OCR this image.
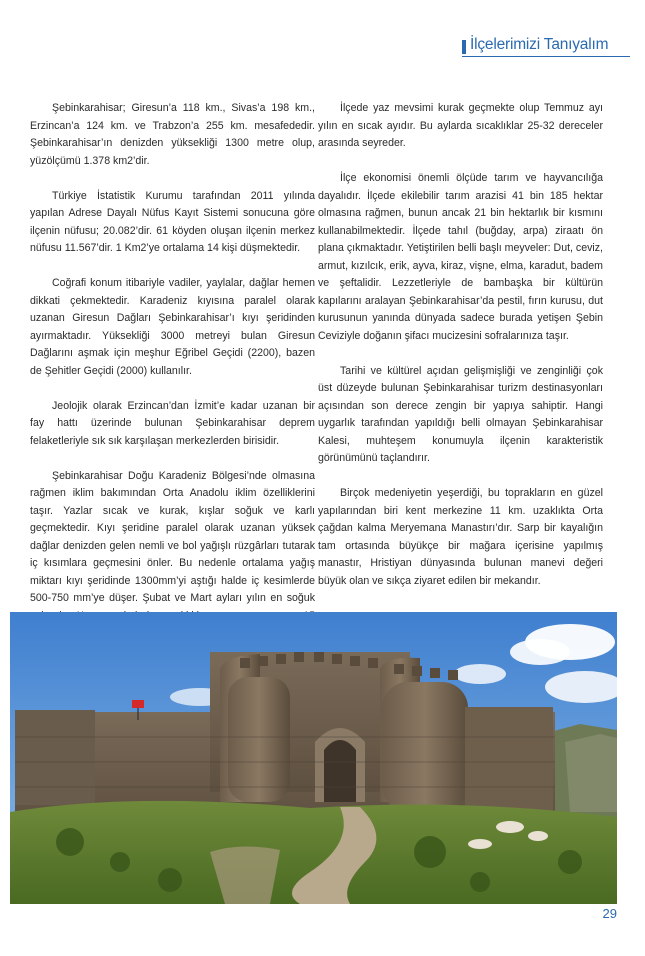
İlçelerimizi Tanıyalım

Şebinkarahisar; Giresun’a 118 km., Sivas’a 198 km., Erzincan’a 124 km. ve Trabzon’a 255 km. mesafededir. Şebinkarahisar’ın denizden yüksekliği 1300 metre olup, yüzölçümü 1.378 km2’dir.

Türkiye İstatistik Kurumu tarafından 2011 yılında yapılan Adrese Dayalı Nüfus Kayıt Sistemi sonucuna göre ilçenin nüfusu; 20.082’dir. 61 köyden oluşan ilçenin merkez nüfusu 11.567’dir. 1 Km2’ye ortalama 14 kişi düşmektedir.

Coğrafi konum itibariyle vadiler, yaylalar, dağlar hemen dikkati çekmektedir. Karadeniz kıyısına paralel olarak uzanan Giresun Dağları Şebinkarahisar’ı kıyı şeridinden ayırmaktadır. Yüksekliği 3000 metreyi bulan Giresun Dağlarını aşmak için meşhur Eğribel Geçidi (2200), bazen de Şehitler Geçidi (2000) kullanılır.

Jeolojik olarak Erzincan’dan İzmit’e kadar uzanan bir fay hattı üzerinde bulunan Şebinkarahisar deprem felaketleriyle sık sık karşılaşan merkezlerden birisidir.

Şebinkarahisar Doğu Karadeniz Bölgesi’nde olmasına rağmen iklim bakımından Orta Anadolu iklim özelliklerini taşır. Yazlar sıcak ve kurak, kışlar soğuk ve karlı geçmektedir. Kıyı şeridine paralel olarak uzanan yüksek dağlar denizden gelen nemli ve bol yağışlı rüzgârları tutarak iç kısımlara geçmesini önler. Bu nedenle ortalama yağış miktarı kıyı şeridinde 1300mm’yi aştığı halde iç kesimlerde 500-750 mm’ye düşer. Şubat ve Mart ayları yılın en soğuk

İlçede yaz mevsimi kurak geçmekte olup Temmuz ayı yılın en sıcak ayıdır. Bu aylarda sıcaklıklar 25-32 dereceler arasında seyreder.

İlçe ekonomisi önemli ölçüde tarım ve hayvancılığa dayalıdır. İlçede ekilebilir tarım arazisi 41 bin 185 hektar olmasına rağmen, bunun ancak 21 bin hektarlık bir kısmını kullanabilmektedir. İlçede tahıl (buğday, arpa) ziraatı ön plana çıkmaktadır. Yetiştirilen belli başlı meyveler: Dut, ceviz, armut, kızılcık, erik, ayva, kiraz, vişne, elma, karadut, badem ve şeftalidir. Lezzetleriyle de bambaşka bir kültürün kapılarını aralayan Şebinkarahisar’da pestil, fırın kurusu, dut kurusunun yanında dünyada sadece burada yetişen Şebin Ceviziyle doğanın şifacı mucizesini sofralarınıza taşır.

Tarihi ve kültürel açıdan gelişmişliği ve zenginliği çok üst düzeyde bulunan Şebinkarahisar turizm destinasyonları açısından son derece zengin bir yapıya sahiptir. Hangi uygarlık tarafından yapıldığı belli olmayan Şebinkarahisar Kalesi, muhteşem konumuyla ilçenin karakteristik görünümünü taçlandırır.

Birçok medeniyetin yeşerdiği, bu toprakların en güzel yapılarından biri kent merkezine 11 km. uzaklıkta Orta çağdan kalma Meryemana Manastırı’dır. Sarp bir kayalığın tam ortasında büyükçe bir mağara içerisine yapılmış manastır, Hristiyan dünyasında bulunan manevi değeri büyük olan ve sıkça ziyaret edilen bir mekandır.

29
